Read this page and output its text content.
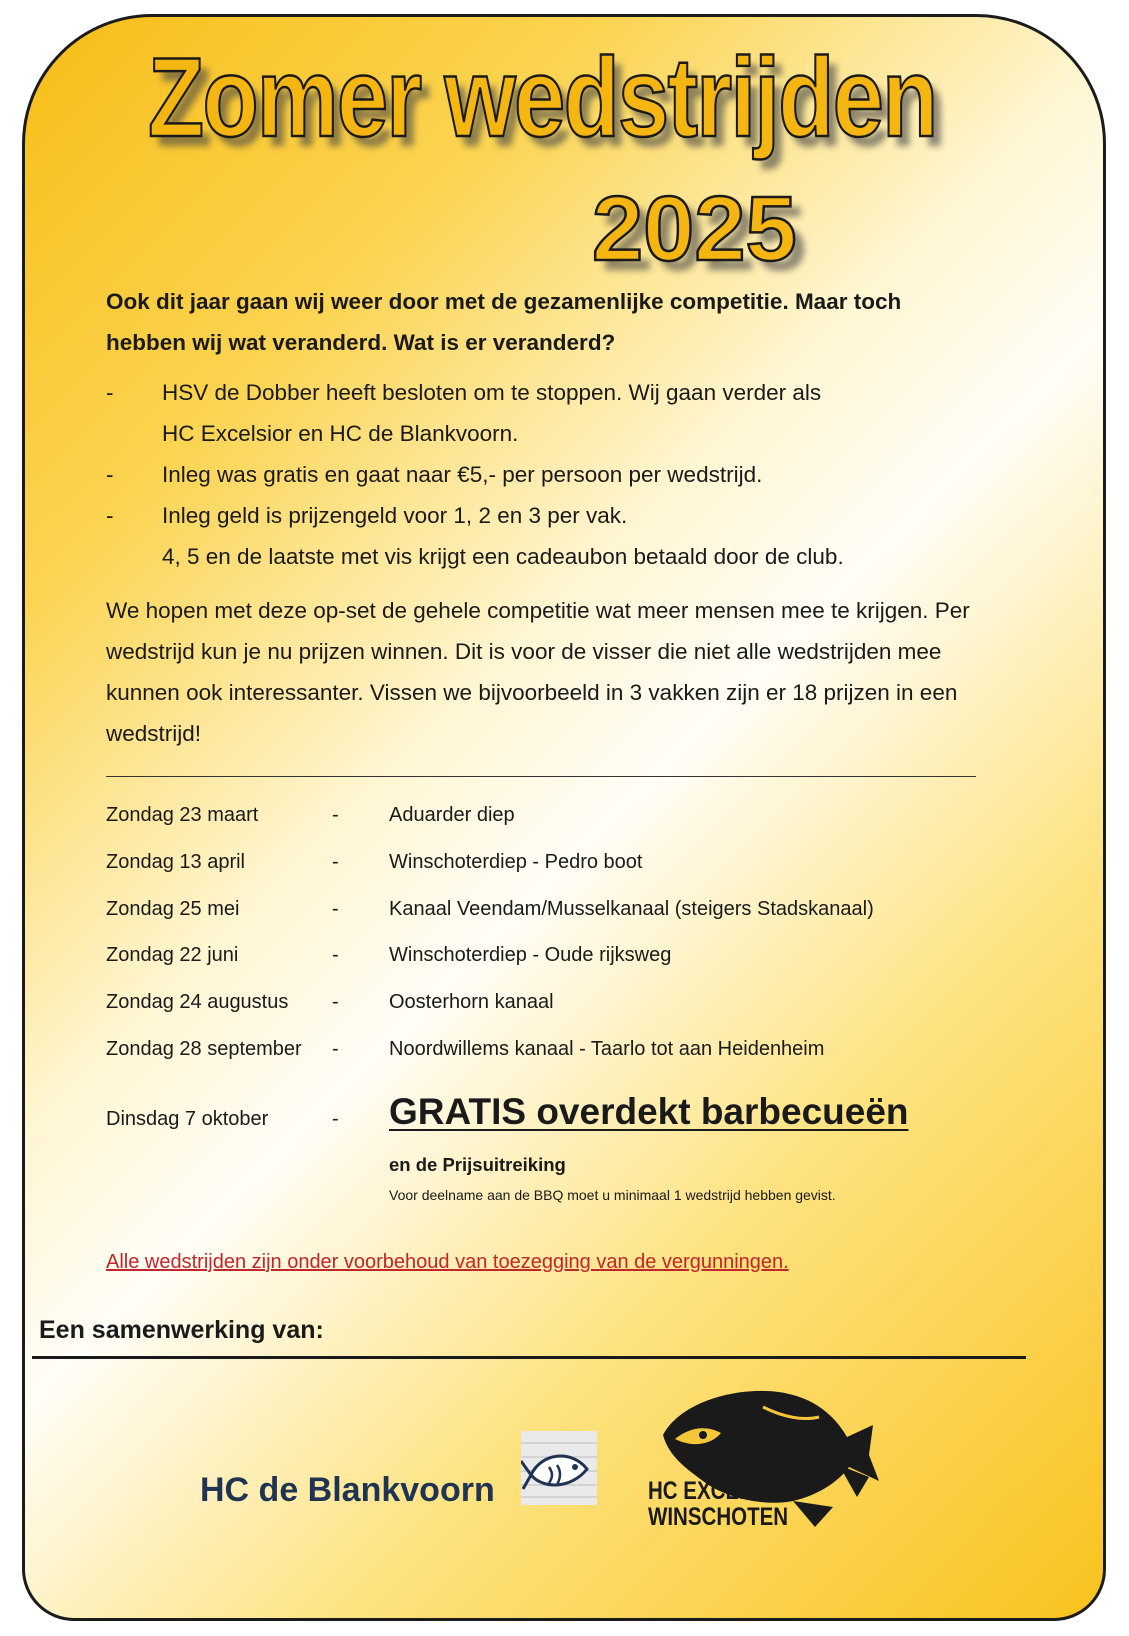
Zomer wedstrijden
2025

Ook dit jaar gaan wij weer door met de gezamenlijke competitie. Maar toch hebben wij wat veranderd. Wat is er veranderd?

- HSV de Dobber heeft besloten om te stoppen. Wij gaan verder als
HC Excelsior en HC de Blankvoorn.
- Inleg was gratis en gaat naar €5,- per persoon per wedstrijd.
- Inleg geld is prijzengeld voor 1, 2 en 3 per vak.
4, 5 en de laatste met vis krijgt een cadeaubon betaald door de club.

We hopen met deze op-set de gehele competitie wat meer mensen mee te krijgen. Per wedstrijd kun je nu prijzen winnen. Dit is voor de visser die niet alle wedstrijden mee kunnen ook interessanter. Vissen we bijvoorbeeld in 3 vakken zijn er 18 prijzen in een wedstrijd!

Zondag 23 maart	-	Aduarder diep
Zondag 13 april	-	Winschoterdiep - Pedro boot
Zondag 25 mei	-	Kanaal Veendam/Musselkanaal (steigers Stadskanaal)
Zondag 22 juni	-	Winschoterdiep - Oude rijksweg
Zondag 24 augustus -	Oosterhorn kanaal
Zondag 28 september -	Noordwillems kanaal - Taarlo tot aan Heidenheim
Dinsdag 7 oktober	- GRATIS overdekt barbecueën
en de Prijsuitreiking
Voor deelname aan de BBQ moet u minimaal 1 wedstrijd hebben gevist.
Alle wedstrijden zijn onder voorbehoud van toezegging van de vergunningen.
Een samenwerking van:
HC de Blankvoorn	HC EXCELSIOR
WINSCHOTEN
